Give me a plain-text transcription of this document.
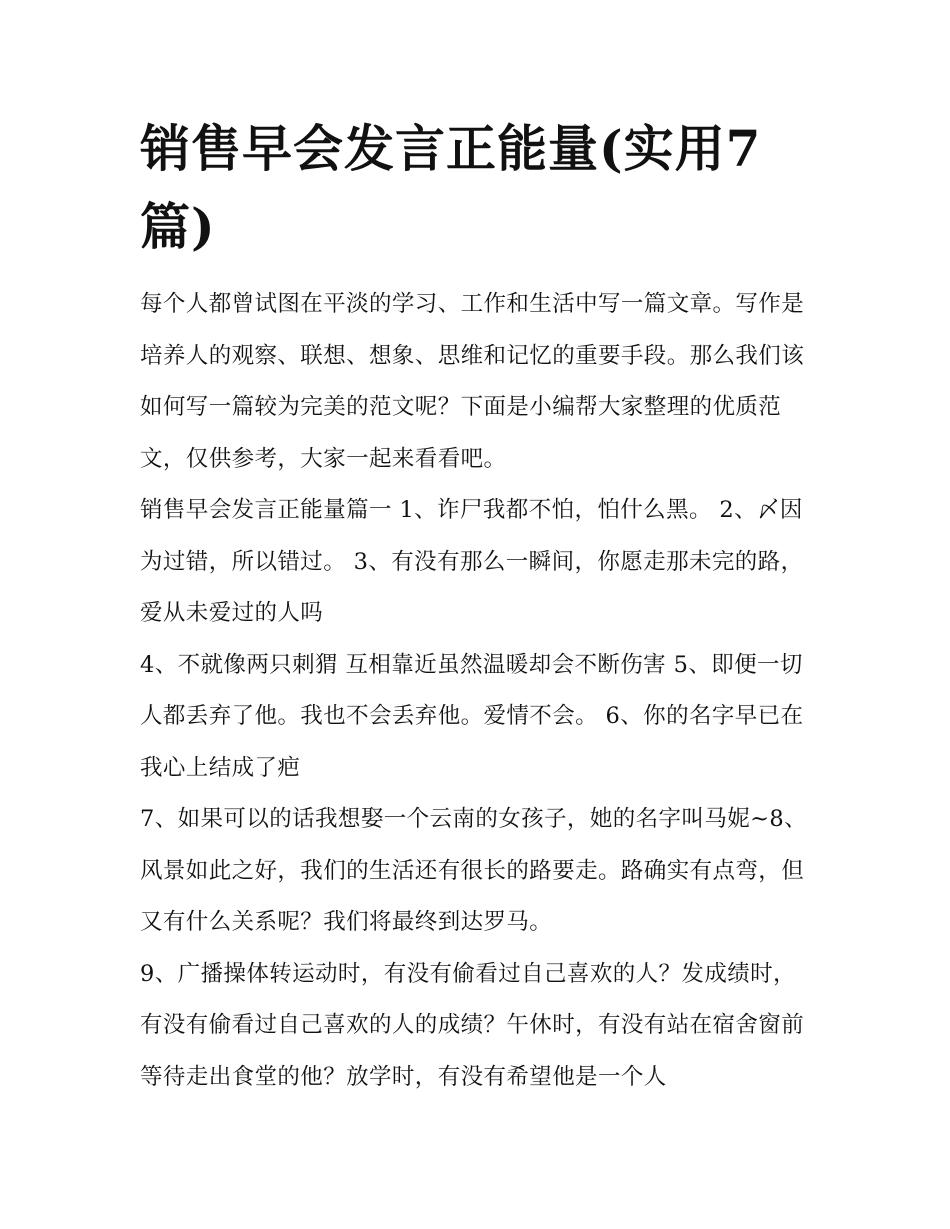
销售早会发言正能量(实用7篇)

每个人都曾试图在平淡的学习、工作和生活中写一篇文章。写作是培养人的观察、联想、想象、思维和记忆的重要手段。那么我们该如何写一篇较为完美的范文呢？下面是小编帮大家整理的优质范文，仅供参考，大家一起来看看吧。

销售早会发言正能量篇一 1、诈尸我都不怕，怕什么黑。 2、〆因为过错，所以错过。 3、有没有那么一瞬间，你愿走那未完的路，爱从未爱过的人吗

4、不就像两只刺猬 互相靠近虽然温暖却会不断伤害 5、即便一切人都丢弃了他。我也不会丢弃他。爱情不会。 6、你的名字早已在我心上结成了疤

7、如果可以的话我想娶一个云南的女孩子，她的名字叫马妮~8、风景如此之好，我们的生活还有很长的路要走。路确实有点弯，但又有什么关系呢？我们将最终到达罗马。

9、广播操体转运动时，有没有偷看过自己喜欢的人？发成绩时，有没有偷看过自己喜欢的人的成绩？午休时，有没有站在宿舍窗前等待走出食堂的他？放学时，有没有希望他是一个人
